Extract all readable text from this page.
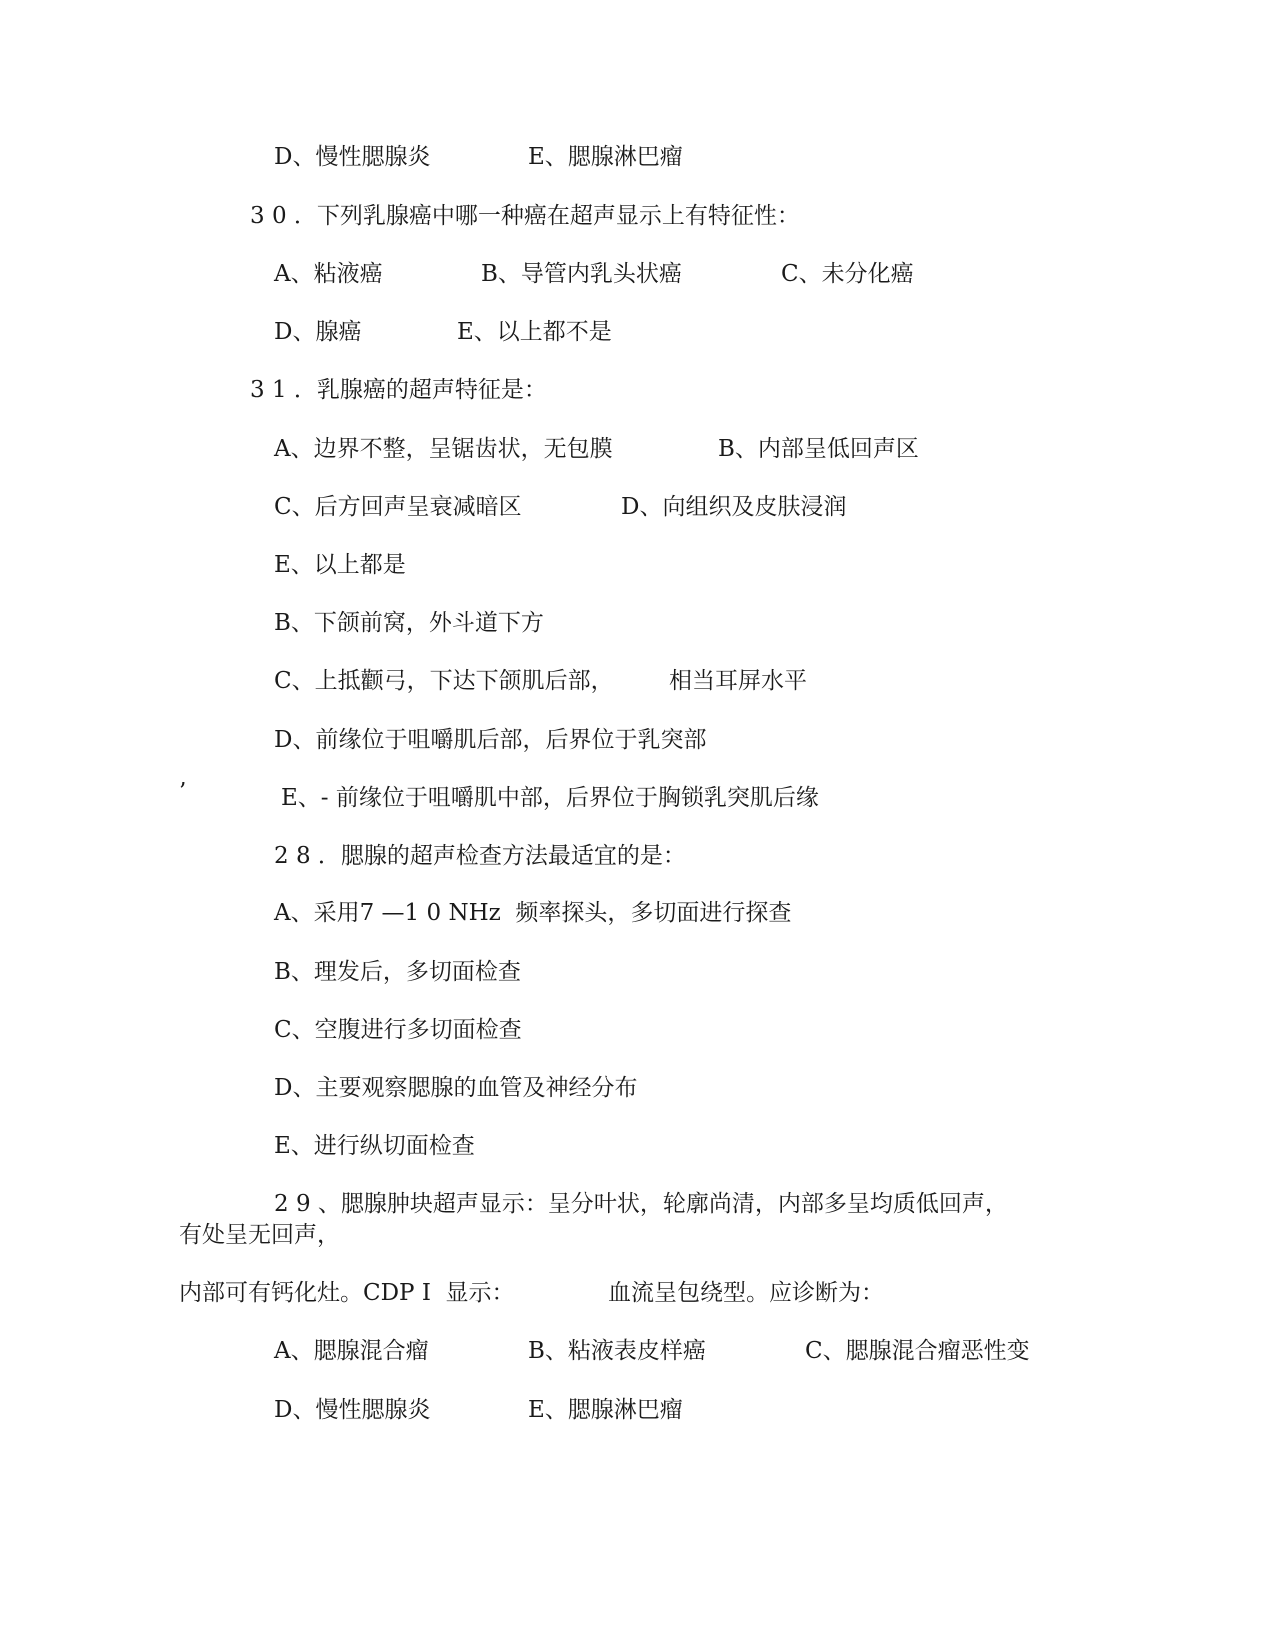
D、慢性腮腺炎	E、腮腺淋巴瘤
3 0 ．下列乳腺癌中哪一种癌在超声显示上有特征性：
A、粘液癌	B、导管内乳头状癌	C、未分化癌
D、腺癌	E、以上都不是
3 1 ．乳腺癌的超声特征是：
A、边界不整，呈锯齿状，无包膜	B、内部呈低回声区
C、后方回声呈衰减暗区	D、向组织及皮肤浸润
E、以上都是
B、下颌前窝，外斗道下方
C、上抵颧弓，下达下颌肌后部， 相当耳屏水平
D、前缘位于咀嚼肌后部，后界位于乳突部
’	E、- 前缘位于咀嚼肌中部，后界位于胸锁乳突肌后缘
2 8 ．腮腺的超声检查方法最适宜的是：
A、采用7 —1 0 NHz  频率探头，多切面进行探查
B、理发后，多切面检查
C、空腹进行多切面检查
D、主要观察腮腺的血管及神经分布
E、进行纵切面检查
2 9 、腮腺肿块超声显示：呈分叶状，轮廓尚清，内部多呈均质低回声，
有处呈无回声，
内部可有钙化灶。CDP I  显示：	血流呈包绕型。应诊断为：
A、腮腺混合瘤	B、粘液表皮样癌	C、腮腺混合瘤恶性变
D、慢性腮腺炎	E、腮腺淋巴瘤
